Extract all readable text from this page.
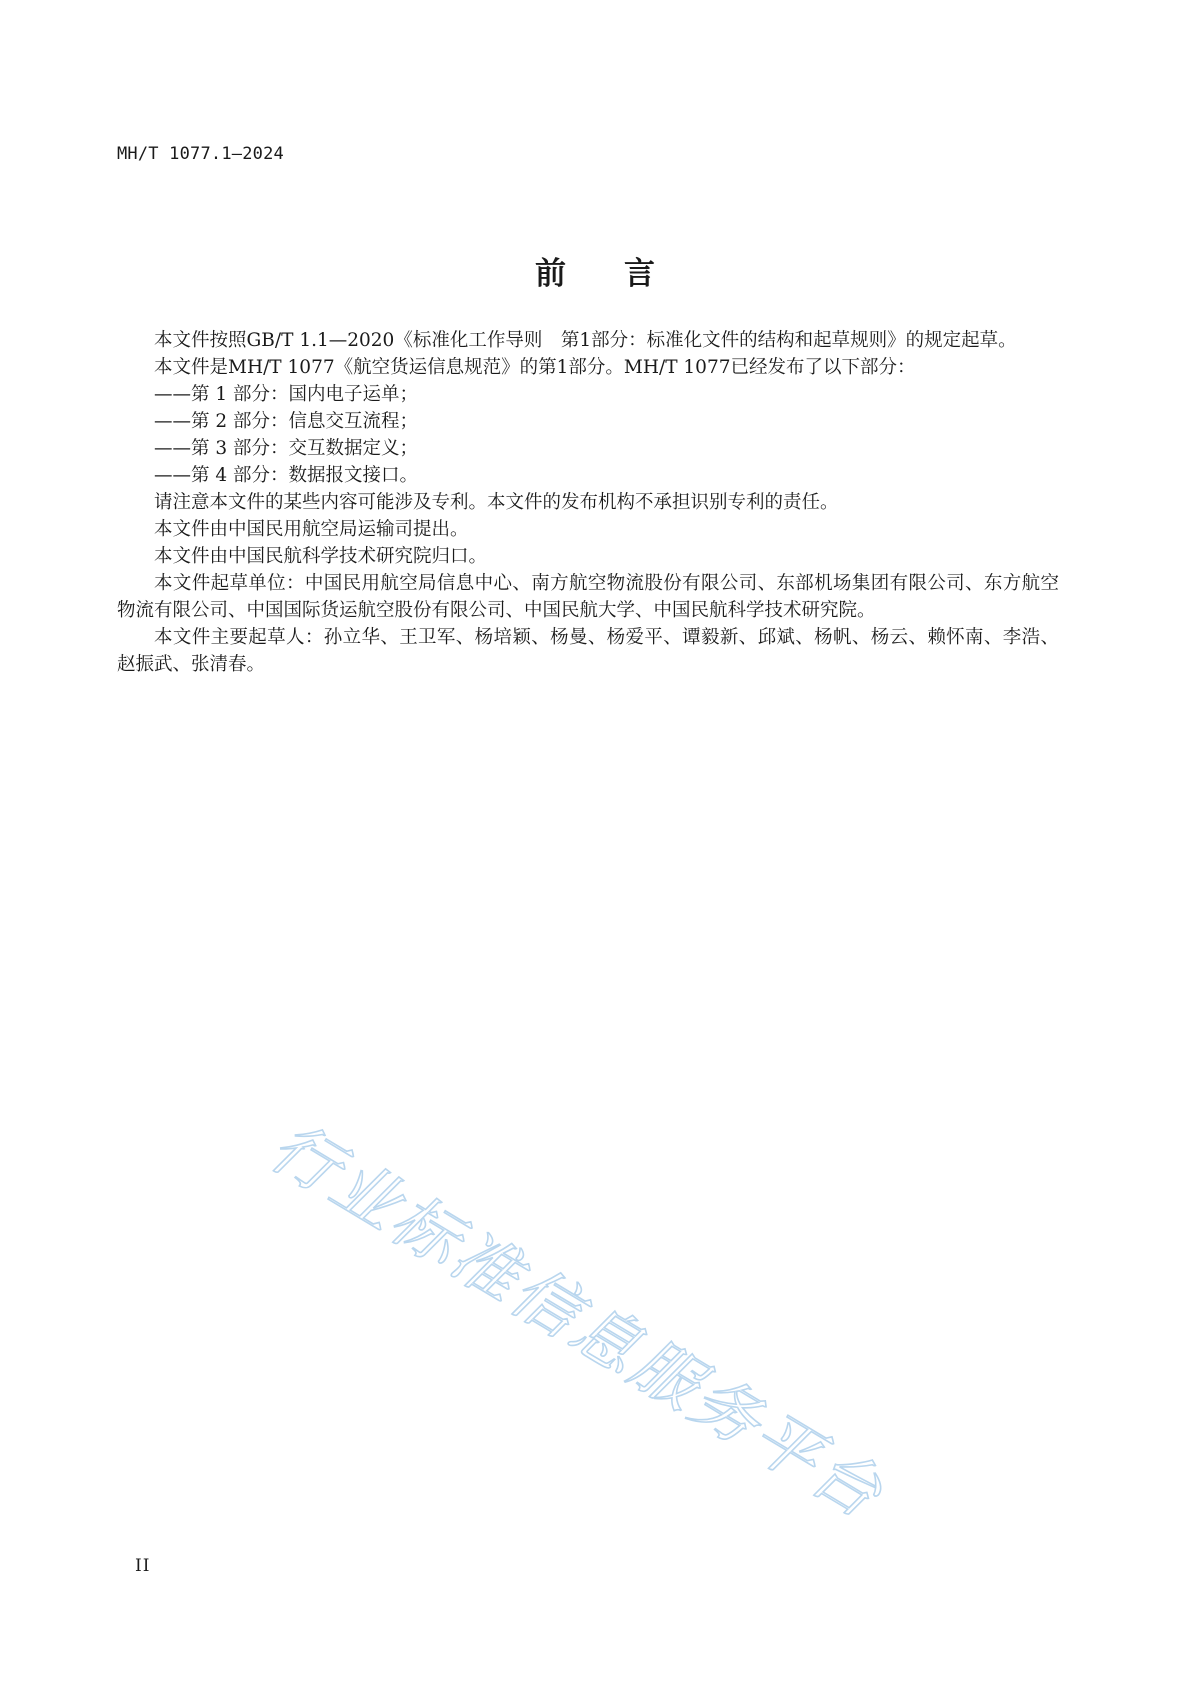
MH/T 1077.1—2024
前言

本文件按照GB/T 1.1—2020《标准化工作导则　第1部分：标准化文件的结构和起草规则》的规定起草。

本文件是MH/T 1077《航空货运信息规范》的第1部分。MH/T 1077已经发布了以下部分：

——第 1 部分：国内电子运单；

——第 2 部分：信息交互流程；

——第 3 部分：交互数据定义；

——第 4 部分：数据报文接口。

请注意本文件的某些内容可能涉及专利。本文件的发布机构不承担识别专利的责任。

本文件由中国民用航空局运输司提出。

本文件由中国民航科学技术研究院归口。

本文件起草单位：中国民用航空局信息中心、南方航空物流股份有限公司、东部机场集团有限公司、东方航空物流有限公司、中国国际货运航空股份有限公司、中国民航大学、中国民航科学技术研究院。

本文件主要起草人：孙立华、王卫军、杨培颖、杨曼、杨爱平、谭毅新、邱斌、杨帆、杨云、赖怀南、李浩、赵振武、张清春。

行业标准信息服务平台
II
